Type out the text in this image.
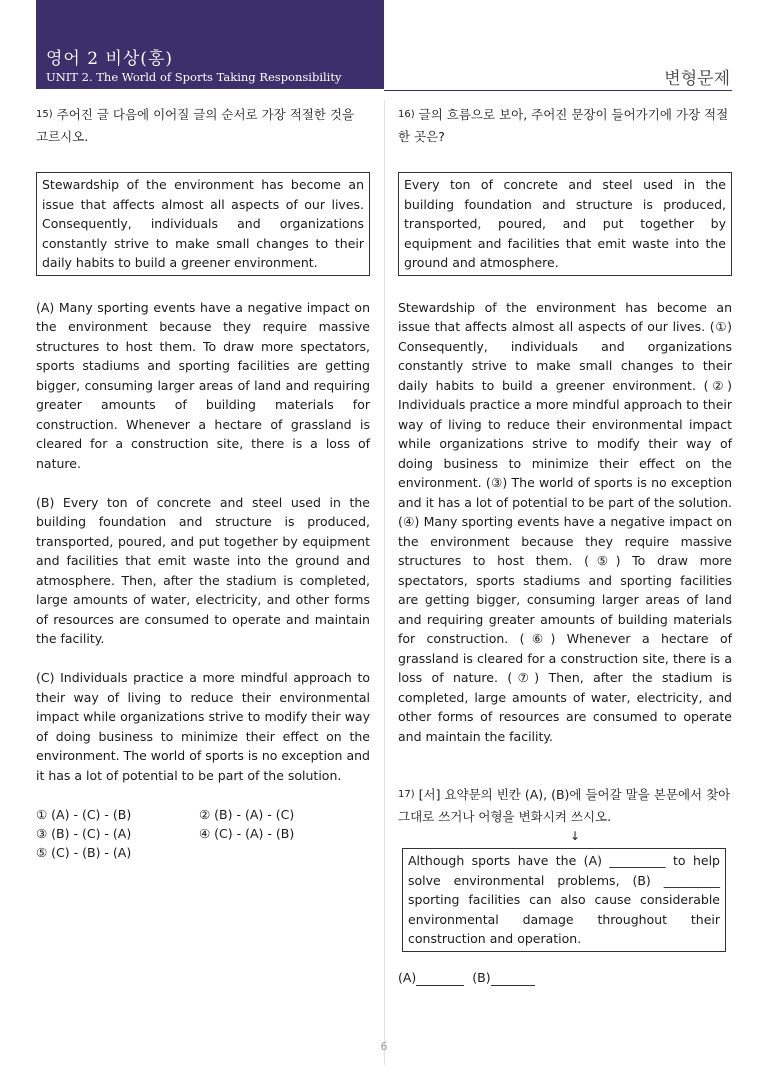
영어 2 비상(홍)
UNIT 2. The World of Sports Taking Responsibility	변형문제

$^{15)}$ 주어진 글 다음에 이어질 글의 순서로 가장 적절한 것을 고르시오.

Stewardship of the environment has become an issue that affects almost all aspects of our lives. Consequently, individuals and organizations constantly strive to make small changes to their daily habits to build a greener environment.

(A) Many sporting events have a negative impact on the environment because they require massive structures to host them. To draw more spectators, sports stadiums and sporting facilities are getting bigger, consuming larger areas of land and requiring greater amounts of building materials for construction. Whenever a hectare of grassland is cleared for a construction site, there is a loss of nature.

(B) Every ton of concrete and steel used in the building foundation and structure is produced, transported, poured, and put together by equipment and facilities that emit waste into the ground and atmosphere. Then, after the stadium is completed, large amounts of water, electricity, and other forms of resources are consumed to operate and maintain the facility.

(C) Individuals practice a more mindful approach to their way of living to reduce their environmental impact while organizations strive to modify their way of doing business to minimize their effect on the environment. The world of sports is no exception and it has a lot of potential to be part of the solution.

① (A) - (C) - (B)	② (B) - (A) - (C)
③ (B) - (C) - (A)	④ (C) - (A) - (B)
⑤ (C) - (B) - (A)

$^{16)}$ 글의 흐름으로 보아, 주어진 문장이 들어가기에 가장 적절한 곳은?

Every ton of concrete and steel used in the building foundation and structure is produced, transported, poured, and put together by equipment and facilities that emit waste into the ground and atmosphere.

Stewardship of the environment has become an issue that affects almost all aspects of our lives. (①) Consequently, individuals and organizations constantly strive to make small changes to their daily habits to build a greener environment. (②) Individuals practice a more mindful approach to their way of living to reduce their environmental impact while organizations strive to modify their way of doing business to minimize their effect on the environment. (③) The world of sports is no exception and it has a lot of potential to be part of the solution. (④) Many sporting events have a negative impact on the environment because they require massive structures to host them. (⑤) To draw more spectators, sports stadiums and sporting facilities are getting bigger, consuming larger areas of land and requiring greater amounts of building materials for construction. (⑥) Whenever a hectare of grassland is cleared for a construction site, there is a loss of nature. (⑦) Then, after the stadium is completed, large amounts of water, electricity, and other forms of resources are consumed to operate and maintain the facility.

$^{17)}$ [서] 요약문의 빈칸 (A), (B)에 들어갈 말을 본문에서 찾아 그대로 쓰거나 어형을 변화시켜 쓰시오.

↓
Although sports have the (A) _________ to help solve environmental problems, (B) _________ sporting facilities can also cause considerable environmental damage throughout their construction and operation.
(A)	(B)
6
